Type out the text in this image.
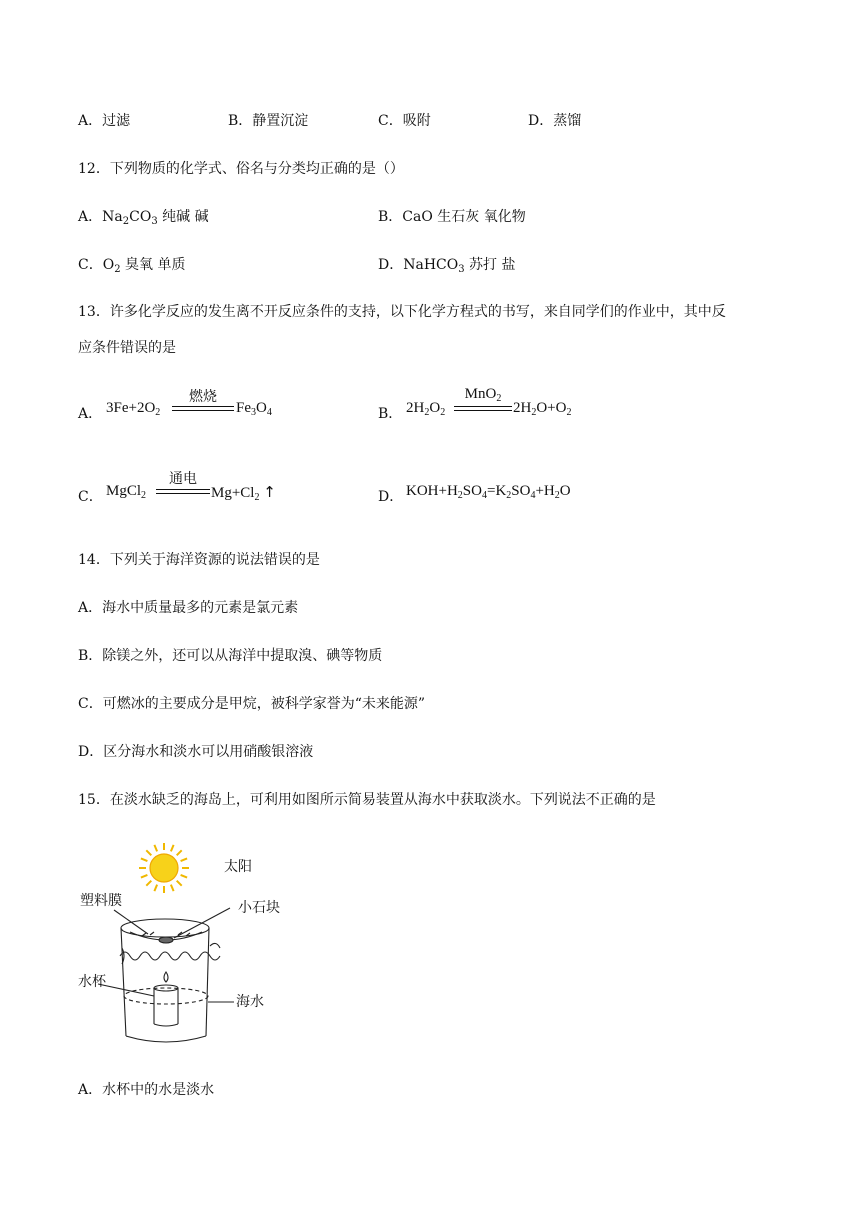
A．过滤	B．静置沉淀	C．吸附	D．蒸馏
12．下列物质的化学式、俗名与分类均正确的是（）
A．$Na_2CO_3$ 纯碱 碱	B．CaO 生石灰 氧化物
C．$O_2$ 臭氧 单质	D．NaHCO$_3$ 苏打 盐
13．许多化学反应的发生离不开反应条件的支持，以下化学方程式的书写，来自同学们的作业中，其中反
应条件错误的是
A． $3Fe+2O_2$
燃烧
$Fe_3O_4$	B． $2H_2O_2$
MnO$_2$
$2H_2O+O_2$
C． MgCl$_2$
通电
$Mg+Cl_2$ ↑	D． $KOH+H_2SO_4=K_2SO_4+H_2O$
14．下列关于海洋资源的说法错误的是
A．海水中质量最多的元素是氯元素
B．除镁之外，还可以从海洋中提取溴、碘等物质
C．可燃冰的主要成分是甲烷，被科学家誉为“未来能源”
D．区分海水和淡水可以用硝酸银溶液
15．在淡水缺乏的海岛上，可利用如图所示简易装置从海水中获取淡水。下列说法不正确的是
太阳
塑料膜	小石块
水杯
海水
A．水杯中的水是淡水
